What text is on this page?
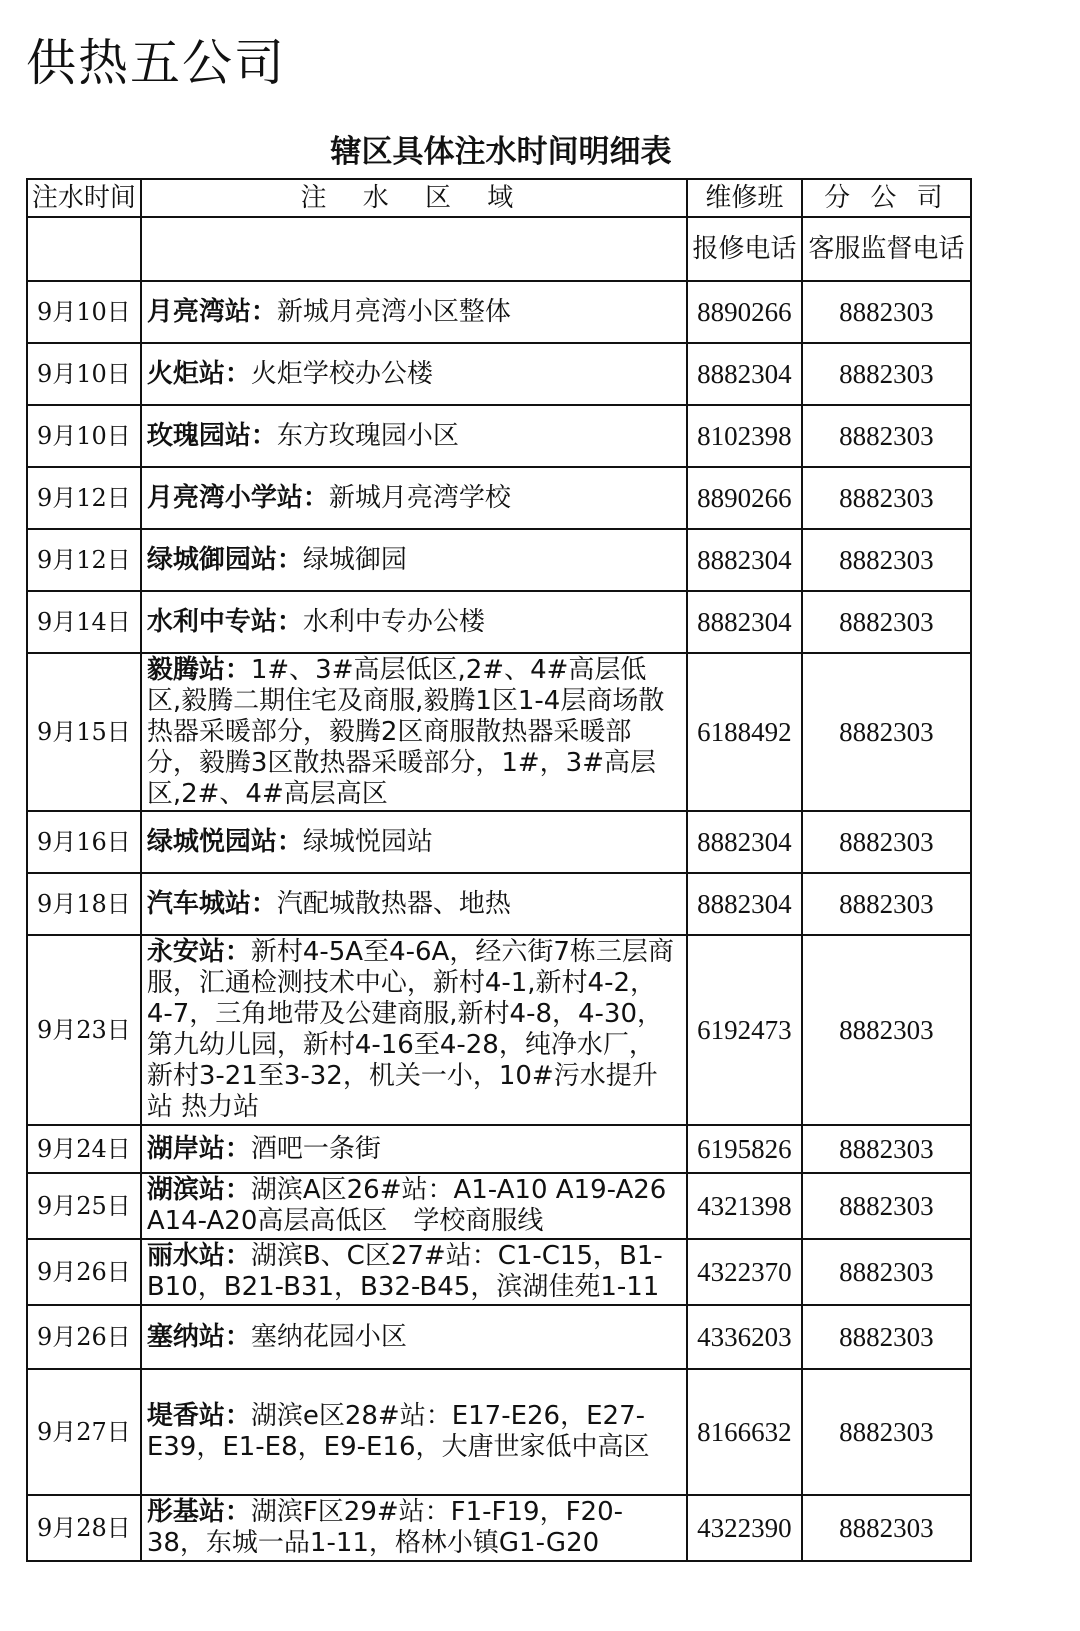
供热五公司
辖区具体注水时间明细表
注水时间	注 水 区 域	维修班	分 公 司
		报修电话	客服监督电话
9月10日	月亮湾站：新城月亮湾小区整体	8890266	8882303
9月10日	火炬站：火炬学校办公楼	8882304	8882303
9月10日	玫瑰园站：东方玫瑰园小区	8102398	8882303
9月12日	月亮湾小学站：新城月亮湾学校	8890266	8882303
9月12日	绿城御园站：绿城御园	8882304	8882303
9月14日	水利中专站：水利中专办公楼	8882304	8882303
9月15日	毅腾站：1#、3#高层低区,2#、4#高层低区,毅腾二期住宅及商服,毅腾1区1-4层商场散热器采暖部分，毅腾2区商服散热器采暖部分，毅腾3区散热器采暖部分，1#，3#高层区,2#、4#高层高区	6188492	8882303
9月16日	绿城悦园站：绿城悦园站	8882304	8882303
9月18日	汽车城站：汽配城散热器、地热	8882304	8882303
9月23日	永安站：新村4-5A至4-6A，经六街7栋三层商服，汇通检测技术中心，新村4-1,新村4-2，4-7，三角地带及公建商服,新村4-8，4-30，第九幼儿园，新村4-16至4-28，纯净水厂，新村3-21至3-32，机关一小，10#污水提升站 热力站	6192473	8882303
9月24日	湖岸站：酒吧一条街	6195826	8882303
9月25日	湖滨站：湖滨A区26#站：A1-A10 A19-A26 A14-A20高层高低区　学校商服线	4321398	8882303
9月26日	丽水站：湖滨B、C区27#站：C1-C15，B1-B10，B21-B31，B32-B45，滨湖佳苑1-11	4322370	8882303
9月26日	塞纳站：塞纳花园小区	4336203	8882303
9月27日	堤香站：湖滨e区28#站：E17-E26，E27-E39，E1-E8，E9-E16，大唐世家低中高区	8166632	8882303
9月28日	彤基站：湖滨F区29#站：F1-F19，F20-38，东城一品1-11，格林小镇G1-G20	4322390	8882303
